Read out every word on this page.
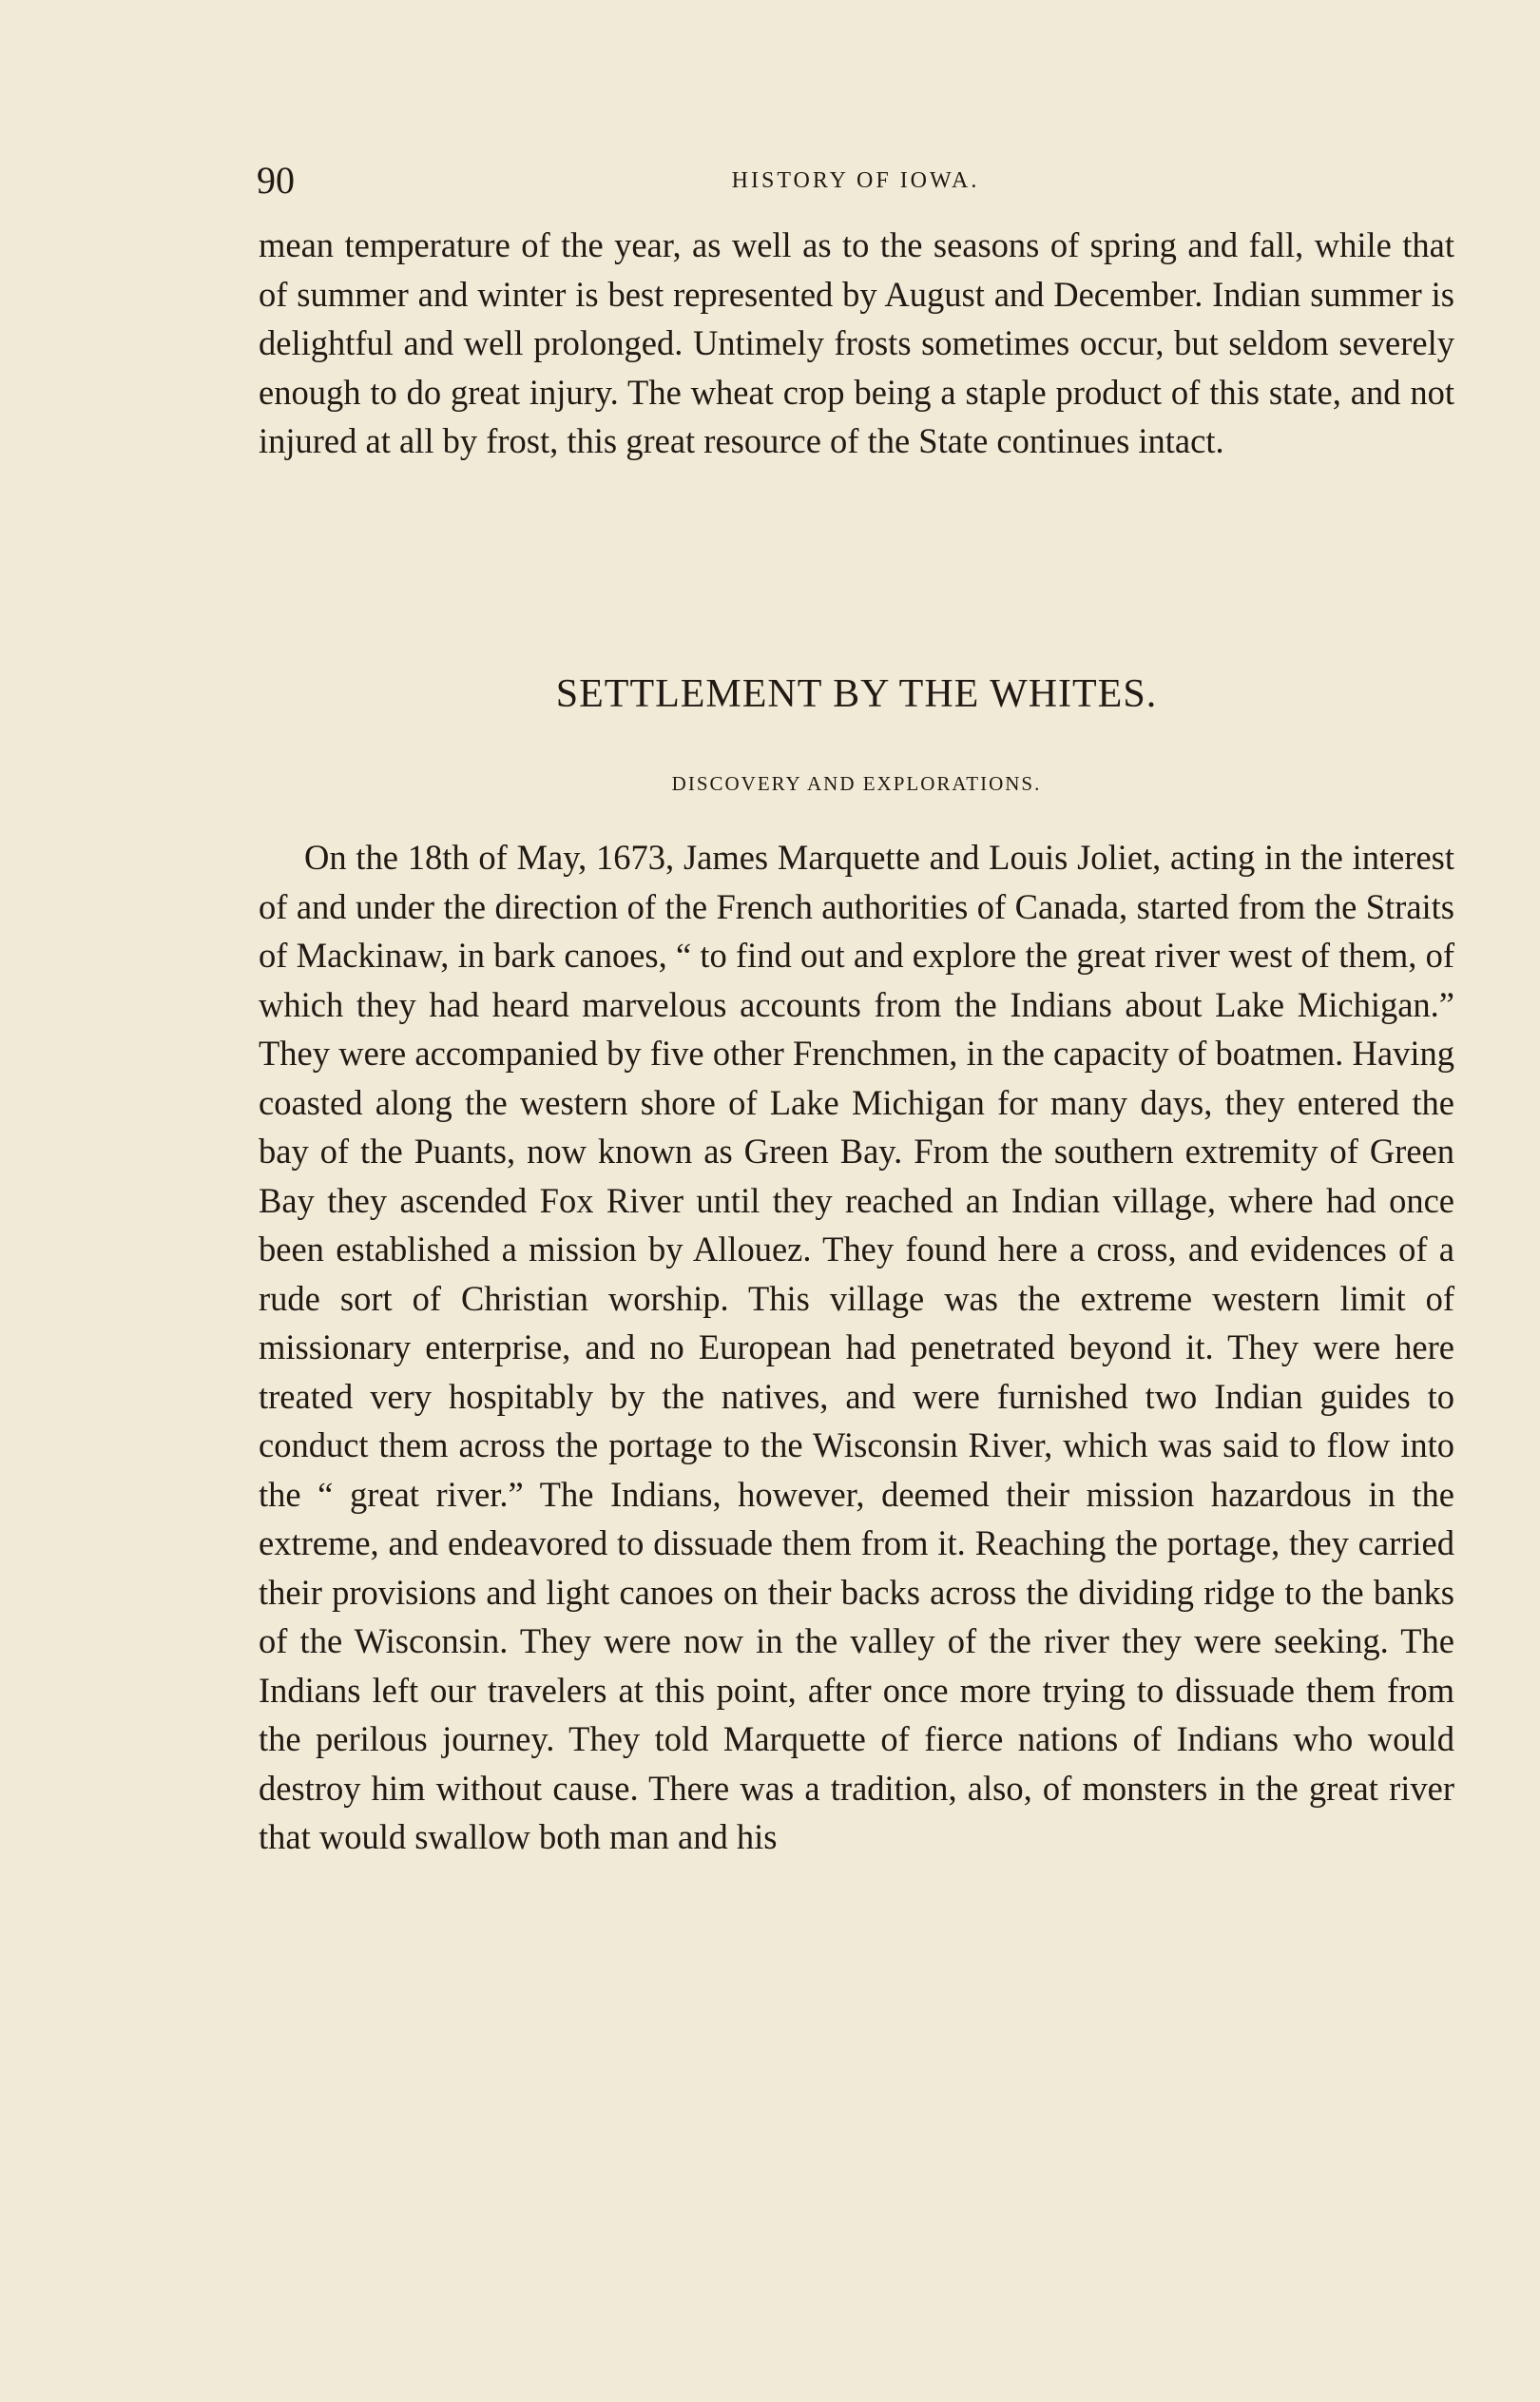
90	HISTORY OF IOWA.

mean temperature of the year, as well as to the seasons of spring and fall, while that of summer and winter is best represented by August and December. Indian summer is delightful and well prolonged. Untimely frosts sometimes occur, but seldom severely enough to do great injury. The wheat crop being a staple product of this state, and not injured at all by frost, this great resource of the State continues intact.

SETTLEMENT BY THE WHITES.
DISCOVERY AND EXPLORATIONS.

On the 18th of May, 1673, James Marquette and Louis Joliet, acting in the interest of and under the direction of the French authorities of Canada, started from the Straits of Mackinaw, in bark canoes, “ to find out and explore the great river west of them, of which they had heard marvelous accounts from the Indians about Lake Michigan.” They were accompanied by five other Frenchmen, in the capacity of boatmen. Having coasted along the western shore of Lake Michigan for many days, they entered the bay of the Puants, now known as Green Bay. From the southern extremity of Green Bay they ascended Fox River until they reached an Indian village, where had once been established a mission by Allouez. They found here a cross, and evidences of a rude sort of Christian worship. This village was the extreme western limit of missionary enterprise, and no European had penetrated beyond it. They were here treated very hospitably by the natives, and were furnished two Indian guides to conduct them across the portage to the Wisconsin River, which was said to flow into the “ great river.” The Indians, however, deemed their mission hazardous in the extreme, and endeavored to dissuade them from it. Reaching the portage, they carried their provisions and light canoes on their backs across the dividing ridge to the banks of the Wisconsin. They were now in the valley of the river they were seeking. The Indians left our travelers at this point, after once more trying to dissuade them from the perilous journey. They told Marquette of fierce nations of Indians who would destroy him without cause. There was a tradition, also, of monsters in the great river that would swallow both man and his
